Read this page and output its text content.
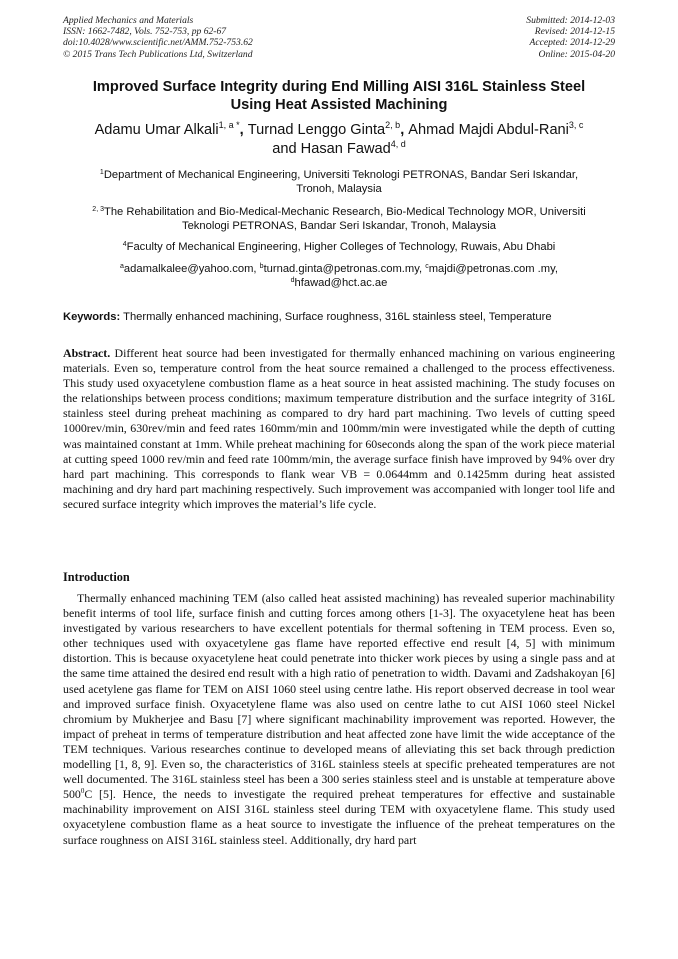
Applied Mechanics and Materials
ISSN: 1662-7482, Vols. 752-753, pp 62-67
doi:10.4028/www.scientific.net/AMM.752-753.62
© 2015 Trans Tech Publications Ltd, Switzerland
Submitted: 2014-12-03
Revised: 2014-12-15
Accepted: 2014-12-29
Online: 2015-04-20
Improved Surface Integrity during End Milling AISI 316L Stainless Steel
Using Heat Assisted Machining
Adamu Umar Alkali$^{1, a *}$, Turnad Lenggo Ginta$^{2, b}$, Ahmad Majdi Abdul-Rani$^{3, c}$
and Hasan Fawad$^{4, d}$
$^1$Department of Mechanical Engineering, Universiti Teknologi PETRONAS, Bandar Seri Iskandar,
Tronoh, Malaysia
$^{2, 3}$The Rehabilitation and Bio-Medical-Mechanic Research, Bio-Medical Technology MOR, Universiti
Teknologi PETRONAS, Bandar Seri Iskandar, Tronoh, Malaysia
$^4$Faculty of Mechanical Engineering, Higher Colleges of Technology, Ruwais, Abu Dhabi
$^a$adamalkalee@yahoo.com, $^b$turnad.ginta@petronas.com.my, $^c$majdi@petronas.com .my,
$^d$hfawad@hct.ac.ae
Keywords: Thermally enhanced machining, Surface roughness, 316L stainless steel, Temperature

Abstract. Different heat source had been investigated for thermally enhanced machining on various engineering materials. Even so, temperature control from the heat source remained a challenged to the process effectiveness. This study used oxyacetylene combustion flame as a heat source in heat assisted machining. The study focuses on the relationships between process conditions; maximum temperature distribution and the surface integrity of 316L stainless steel during preheat machining as compared to dry hard part machining. Two levels of cutting speed 1000rev/min, 630rev/min and feed rates 160mm/min and 100mm/min were investigated while the depth of cutting was maintained constant at 1mm. While preheat machining for 60seconds along the span of the work piece material at cutting speed 1000 rev/min and feed rate 100mm/min, the average surface finish have improved by 94% over dry hard part machining. This corresponds to flank wear VB = 0.0644mm and 0.1425mm during heat assisted machining and dry hard part machining respectively. Such improvement was accompanied with longer tool life and secured surface integrity which improves the material’s life cycle.

Introduction

Thermally enhanced machining TEM (also called heat assisted machining) has revealed superior machinability benefit interms of tool life, surface finish and cutting forces among others [1-3]. The oxyacetylene heat has been investigated by various researchers to have excellent potentials for thermal softening in TEM process. Even so, other techniques used with oxyacetylene gas flame have reported effective end result [4, 5] with minimum distortion. This is because oxyacetylene heat could penetrate into thicker work pieces by using a single pass and at the same time attained the desired end result with a high ratio of penetration to width. Davami and Zadshakoyan [6] used acetylene gas flame for TEM on AISI 1060 steel using centre lathe. His report observed decrease in tool wear and improved surface finish. Oxyacetylene flame was also used on centre lathe to cut AISI 1060 steel Nickel chromium by Mukherjee and Basu [7] where significant machinability improvement was reported. However, the impact of preheat in terms of temperature distribution and heat affected zone have limit the wide acceptance of the TEM techniques. Various researches continue to developed means of alleviating this set back through prediction modelling [1, 8, 9]. Even so, the characteristics of 316L stainless steels at specific preheated temperatures are not well documented. The 316L stainless steel has been a 300 series stainless steel and is unstable at temperature above $500^0C$ [5]. Hence, the needs to investigate the required preheat temperatures for effective and sustainable machinability improvement on AISI 316L stainless steel during TEM with oxyacetylene flame. This study used oxyacetylene combustion flame as a heat source to investigate the influence of the preheat temperatures on the surface roughness on AISI 316L stainless steel. Additionally, dry hard part
